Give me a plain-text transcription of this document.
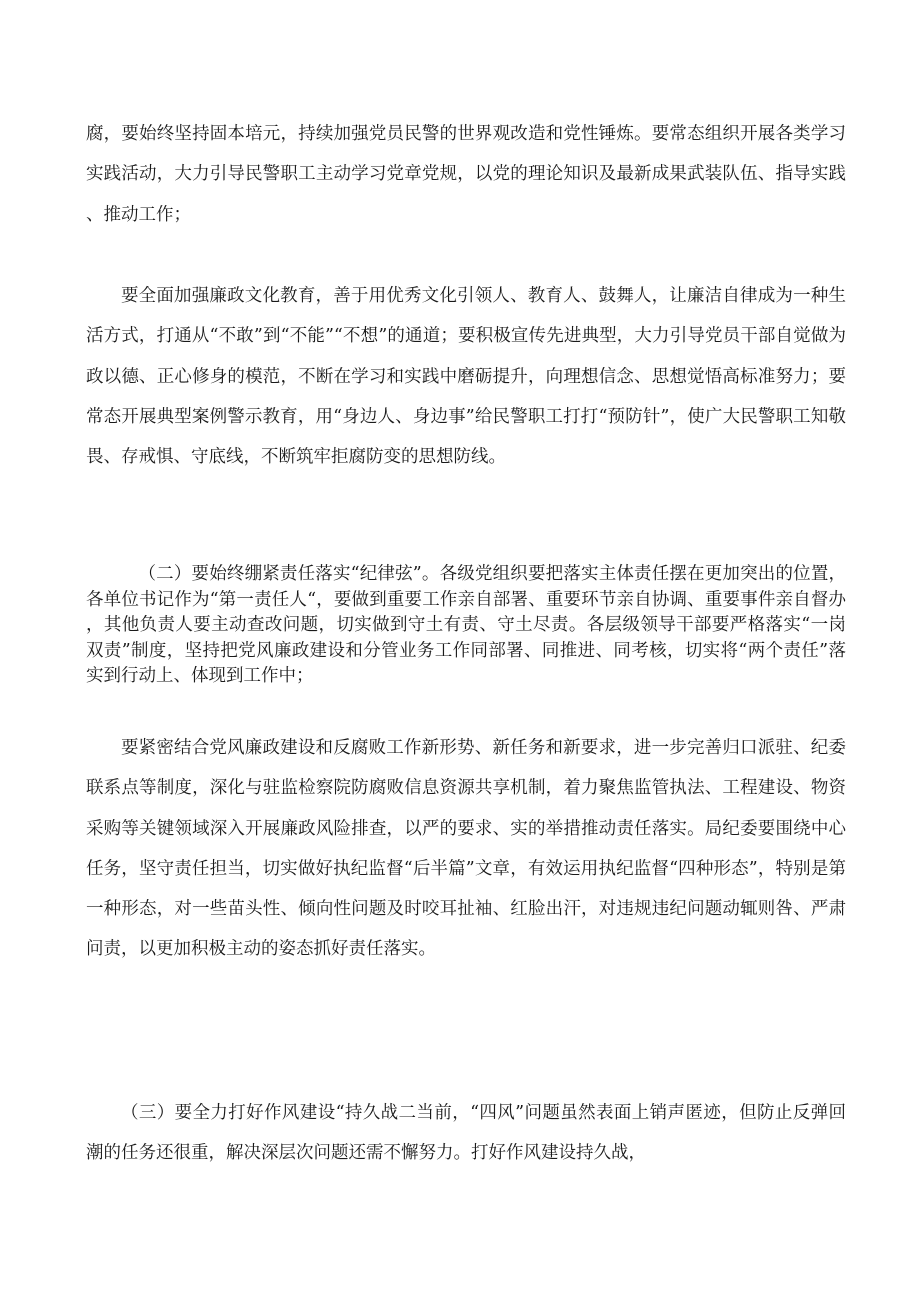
腐，要始终坚持固本培元，持续加强党员民警的世界观改造和党性锤炼。要常态组织开展各类学习实践活动，大力引导民警职工主动学习党章党规，以党的理论知识及最新成果武装队伍、指导实践、推动工作；

要全面加强廉政文化教育，善于用优秀文化引领人、教育人、鼓舞人，让廉洁自律成为一种生活方式，打通从“不敢”到“不能”“不想”的通道；要积极宣传先进典型，大力引导党员干部自觉做为政以德、正心修身的模范，不断在学习和实践中磨砺提升，向理想信念、思想觉悟高标准努力；要常态开展典型案例警示教育，用“身边人、身边事”给民警职工打打“预防针”，使广大民警职工知敬畏、存戒惧、守底线，不断筑牢拒腐防变的思想防线。

（二）要始终绷紧责任落实“纪律弦”。各级党组织要把落实主体责任摆在更加突出的位置，各单位书记作为“第一责任人“，要做到重要工作亲自部署、重要环节亲自协调、重要事件亲自督办，其他负责人要主动查改问题，切实做到守土有责、守土尽责。各层级领导干部要严格落实“一岗双责”制度，坚持把党风廉政建设和分管业务工作同部署、同推进、同考核，切实将“两个责任”落实到行动上、体现到工作中；

要紧密结合党风廉政建设和反腐败工作新形势、新任务和新要求，进一步完善归口派驻、纪委联系点等制度，深化与驻监检察院防腐败信息资源共享机制，着力聚焦监管执法、工程建设、物资采购等关键领域深入开展廉政风险排查，以严的要求、实的举措推动责任落实。局纪委要围绕中心任务，坚守责任担当，切实做好执纪监督“后半篇”文章，有效运用执纪监督“四种形态”，特别是第一种形态，对一些苗头性、倾向性问题及时咬耳扯袖、红脸出汗，对违规违纪问题动辄则咎、严肃问责，以更加积极主动的姿态抓好责任落实。

（三）要全力打好作风建设“持久战二当前，“四风”问题虽然表面上销声匿迹，但防止反弹回潮的任务还很重，解决深层次问题还需不懈努力。打好作风建设持久战，
